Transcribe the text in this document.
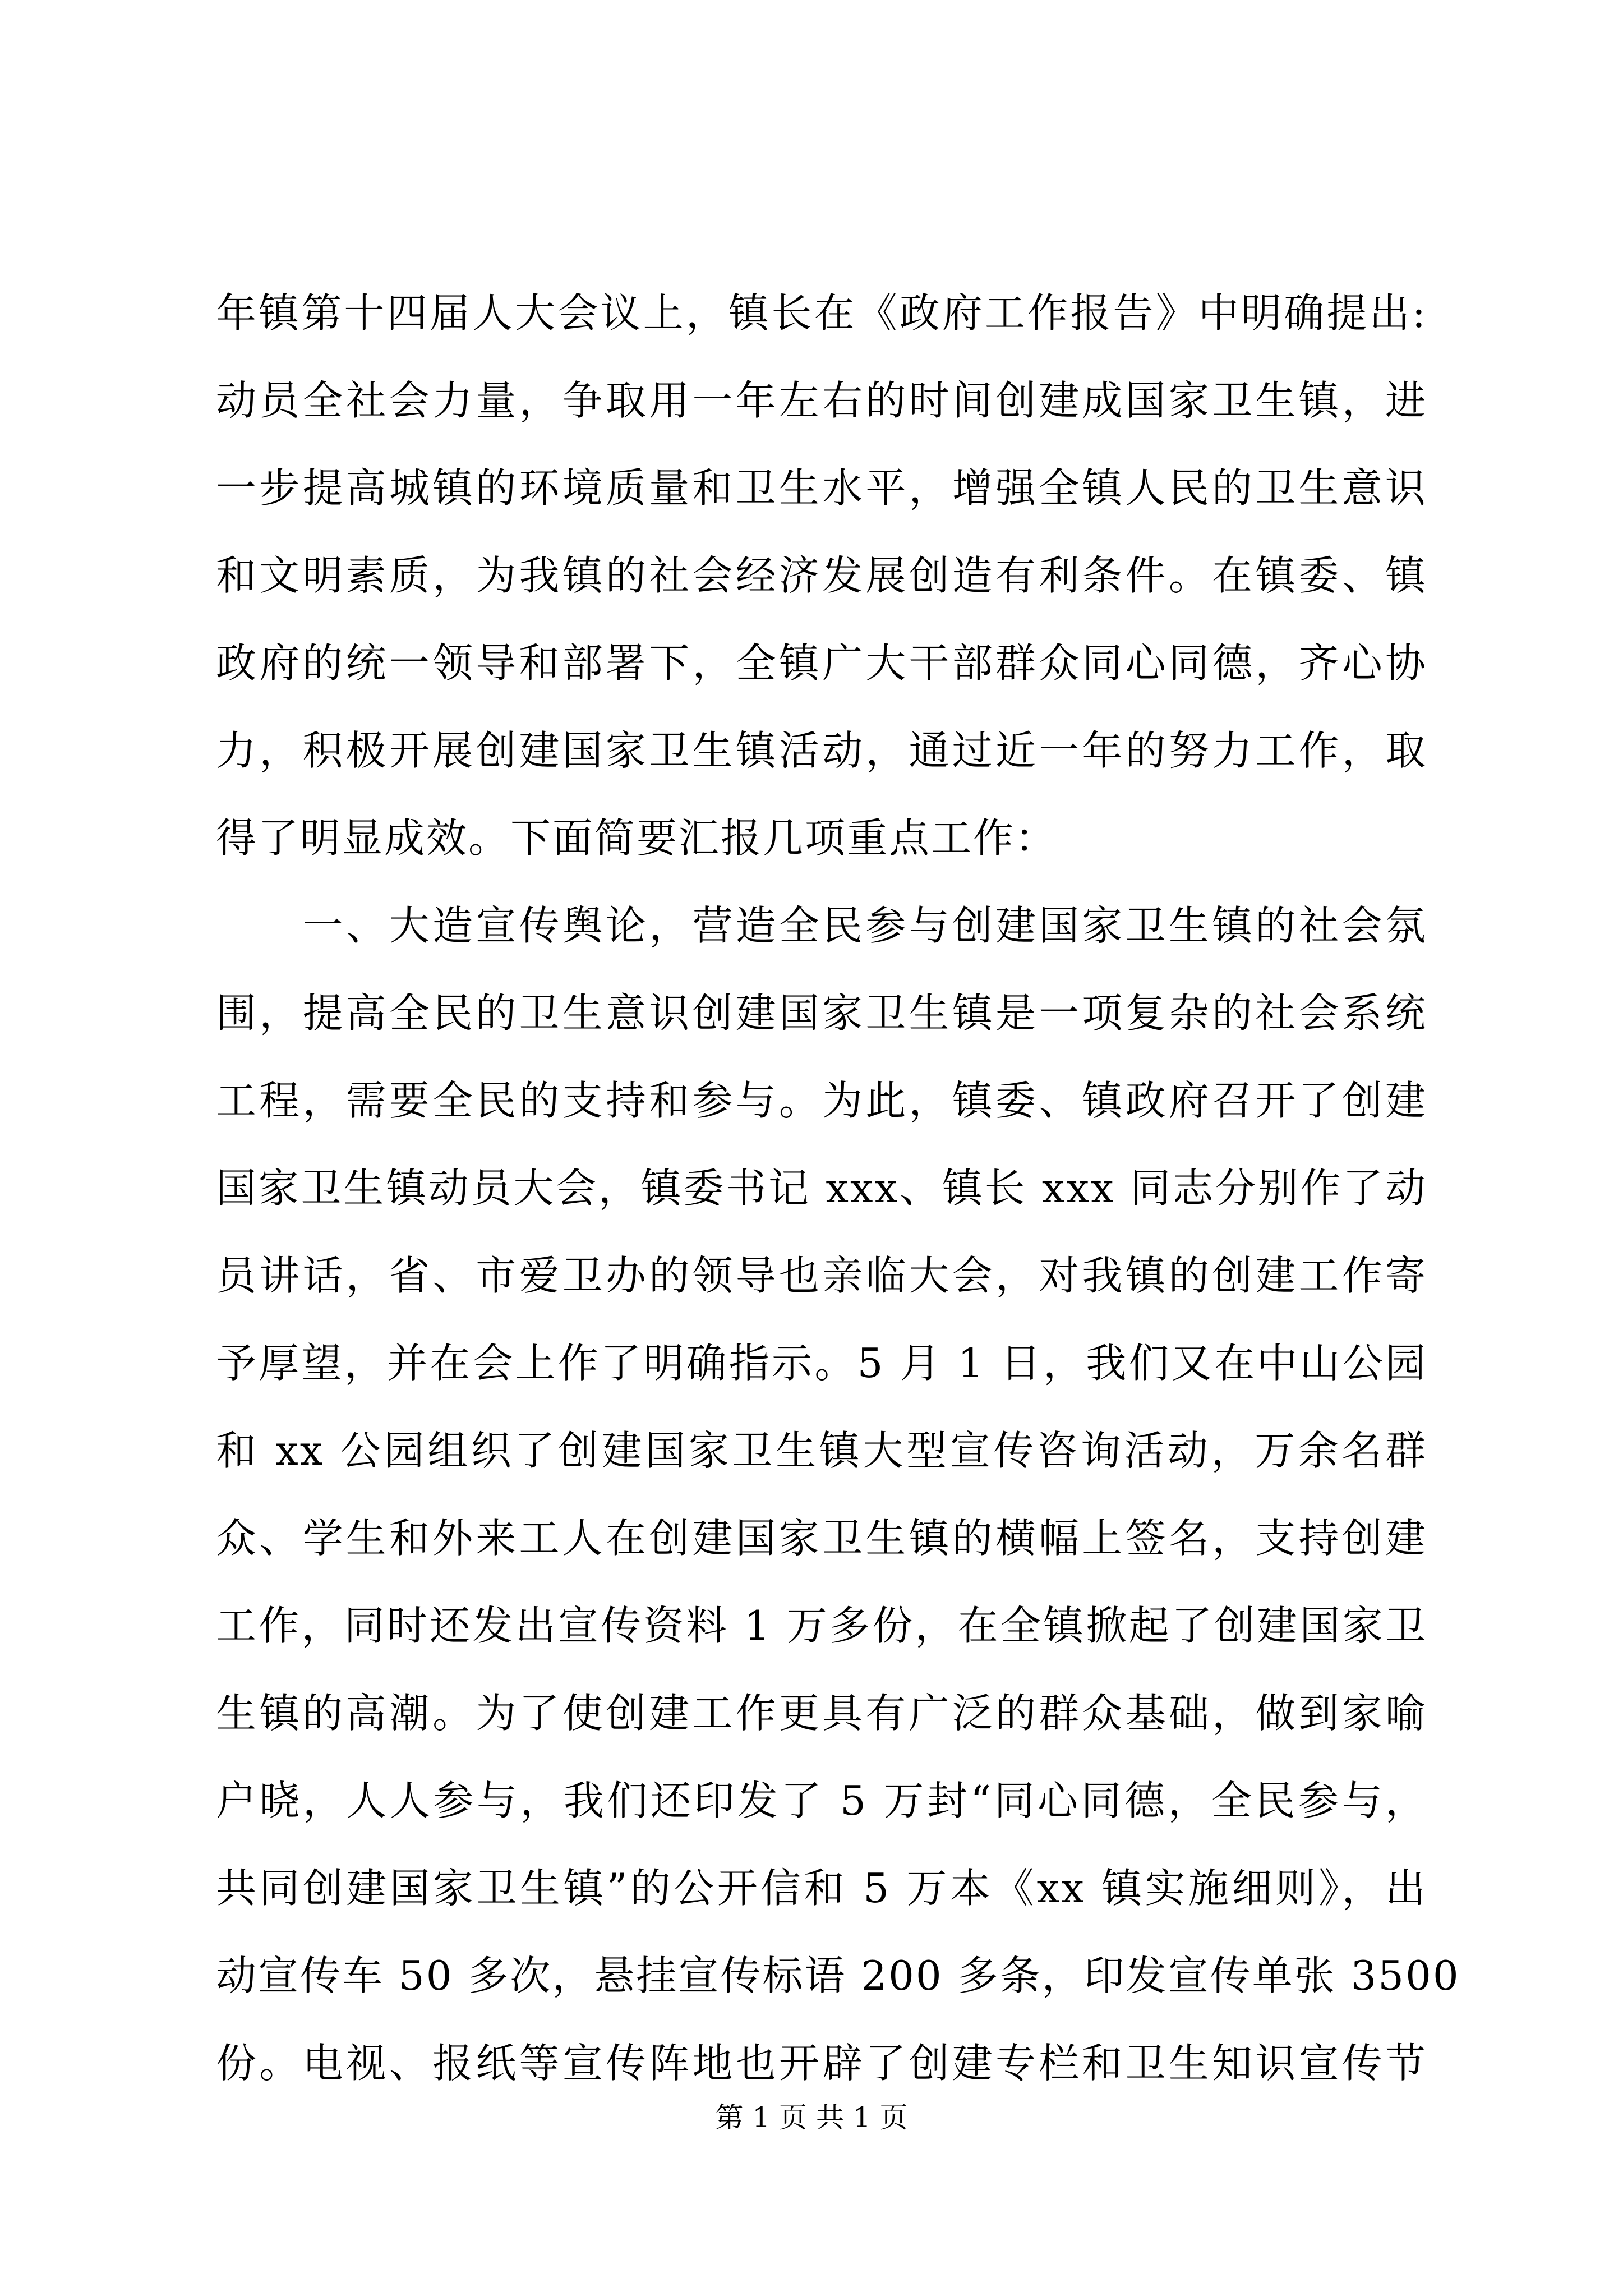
年镇第十四届人大会议上，镇长在《政府工作报告》中明确提出:
动员全社会力量，争取用一年左右的时间创建成国家卫生镇，进
一步提高城镇的环境质量和卫生水平，增强全镇人民的卫生意识
和文明素质，为我镇的社会经济发展创造有利条件。在镇委、镇
政府的统一领导和部署下，全镇广大干部群众同心同德，齐心协
力，积极开展创建国家卫生镇活动，通过近一年的努力工作，取
得了明显成效。下面简要汇报几项重点工作：
　　一、大造宣传舆论，营造全民参与创建国家卫生镇的社会氛
围，提高全民的卫生意识创建国家卫生镇是一项复杂的社会系统
工程，需要全民的支持和参与。为此，镇委、镇政府召开了创建
国家卫生镇动员大会，镇委书记 xxx、镇长 xxx 同志分别作了动
员讲话，省、市爱卫办的领导也亲临大会，对我镇的创建工作寄
予厚望，并在会上作了明确指示。5 月 1 日，我们又在中山公园
和 xx 公园组织了创建国家卫生镇大型宣传咨询活动，万余名群
众、学生和外来工人在创建国家卫生镇的横幅上签名，支持创建
工作，同时还发出宣传资料 1 万多份，在全镇掀起了创建国家卫
生镇的高潮。为了使创建工作更具有广泛的群众基础，做到家喻
户晓，人人参与，我们还印发了 5 万封“同心同德，全民参与，
共同创建国家卫生镇”的公开信和 5 万本《xx 镇实施细则》，出
动宣传车 50 多次，悬挂宣传标语 200 多条，印发宣传单张 3500
份。电视、报纸等宣传阵地也开辟了创建专栏和卫生知识宣传节
第 1 页 共 1 页
